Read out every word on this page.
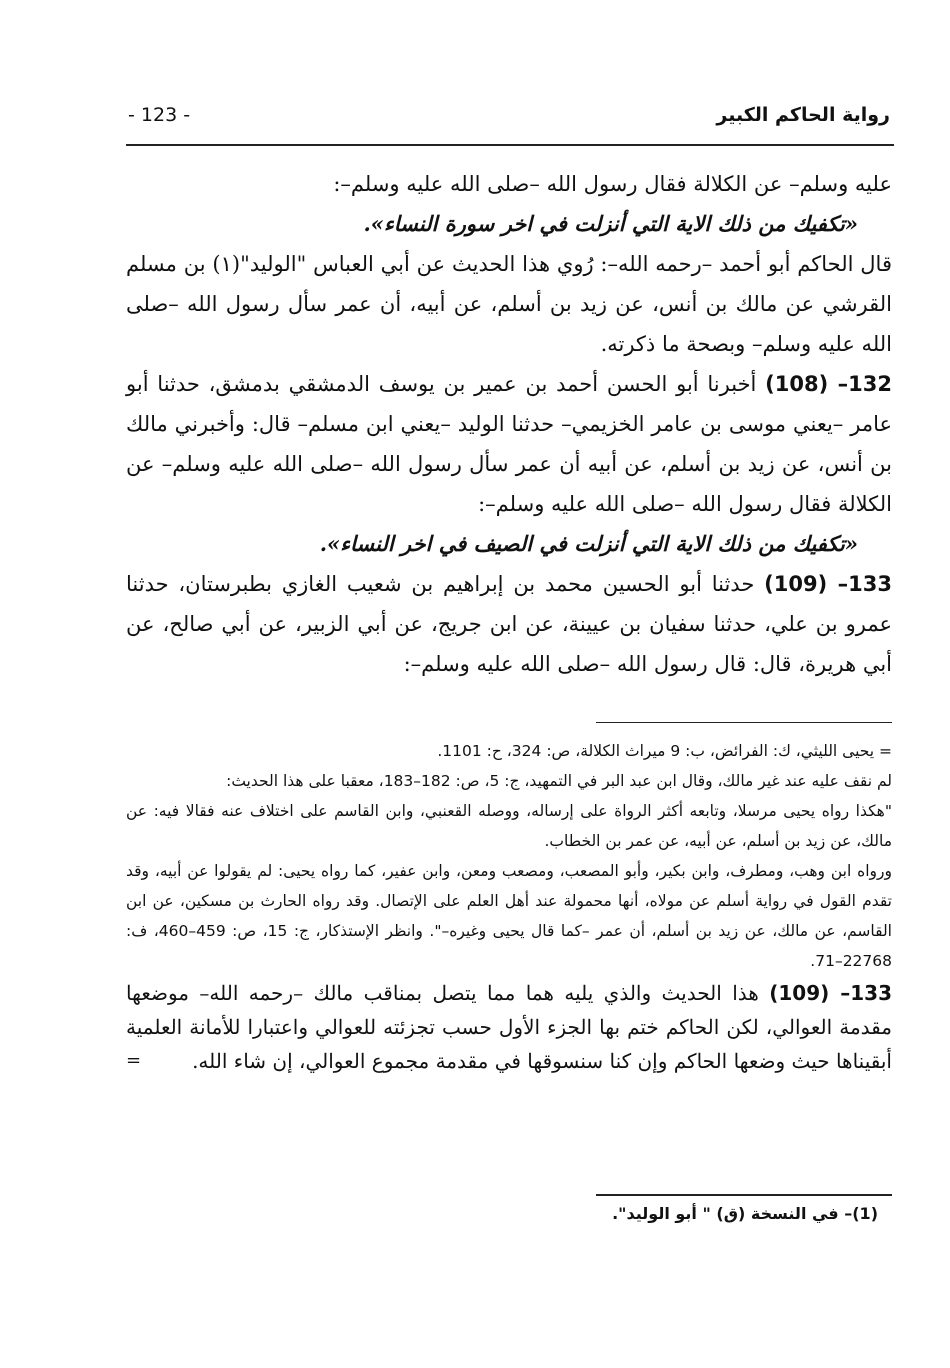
رواية الحاكم الكبير
- 123 -

عليه وسلم– عن الكلالة فقال رسول الله –صلى الله عليه وسلم–:

«تكفيك من ذلك الاية التي أنزلت في اخر سورة النساء».

قال الحاكم أبو أحمد –رحمه الله–: رُوي هذا الحديث عن أبي العباس "الوليد"(١) بن مسلم القرشي عن مالك بن أنس، عن زيد بن أسلم، عن أبيه، أن عمر سأل رسول الله –صلى الله عليه وسلم– وبصحة ما ذكرته.

132– (108) أخبرنا أبو الحسن أحمد بن عمير بن يوسف الدمشقي بدمشق، حدثنا أبو عامر –يعني موسى بن عامر الخزيمي– حدثنا الوليد –يعني ابن مسلم– قال: وأخبرني مالك بن أنس، عن زيد بن أسلم، عن أبيه أن عمر سأل رسول الله –صلى الله عليه وسلم– عن الكلالة فقال رسول الله –صلى الله عليه وسلم–:

«تكفيك من ذلك الاية التي أنزلت في الصيف في اخر النساء».

133– (109) حدثنا أبو الحسين محمد بن إبراهيم بن شعيب الغازي بطبرستان، حدثنا عمرو بن علي، حدثنا سفيان بن عيينة، عن ابن جريج، عن أبي الزبير، عن أبي صالح، عن أبي هريرة، قال: قال رسول الله –صلى الله عليه وسلم–:

= يحيى الليثي، ك: الفرائض، ب: 9 ميراث الكلالة، ص: 324، ح: 1101.

لم نقف عليه عند غير مالك، وقال ابن عبد البر في التمهيد، ج: 5، ص: 182–183، معقبا على هذا الحديث:

"هكذا رواه يحيى مرسلا، وتابعه أكثر الرواة على إرساله، ووصله القعنبي، وابن القاسم على اختلاف عنه فقالا فيه: عن مالك، عن زيد بن أسلم، عن أبيه، عن عمر بن الخطاب.

ورواه ابن وهب، ومطرف، وابن بكير، وأبو المصعب، ومصعب ومعن، وابن عفير، كما رواه يحيى: لم يقولوا عن أبيه، وقد تقدم القول في رواية أسلم عن مولاه، أنها محمولة عند أهل العلم على الإتصال. وقد رواه الحارث بن مسكين، عن ابن القاسم، عن مالك، عن زيد بن أسلم، أن عمر –كما قال يحيى وغيره–". وانظر الإستذكار، ج: 15، ص: 459–460، ف: 22768–71.

133– (109) هذا الحديث والذي يليه هما مما يتصل بمناقب مالك –رحمه الله– موضعها مقدمة العوالي، لكن الحاكم ختم بها الجزء الأول حسب تجزئته للعوالي واعتبارا للأمانة العلمية أبقيناها حيث وضعها الحاكم وإن كنا سنسوقها في مقدمة مجموع العوالي، إن شاء الله.
=

(1)– في النسخة (ق) " أبو الوليد".
